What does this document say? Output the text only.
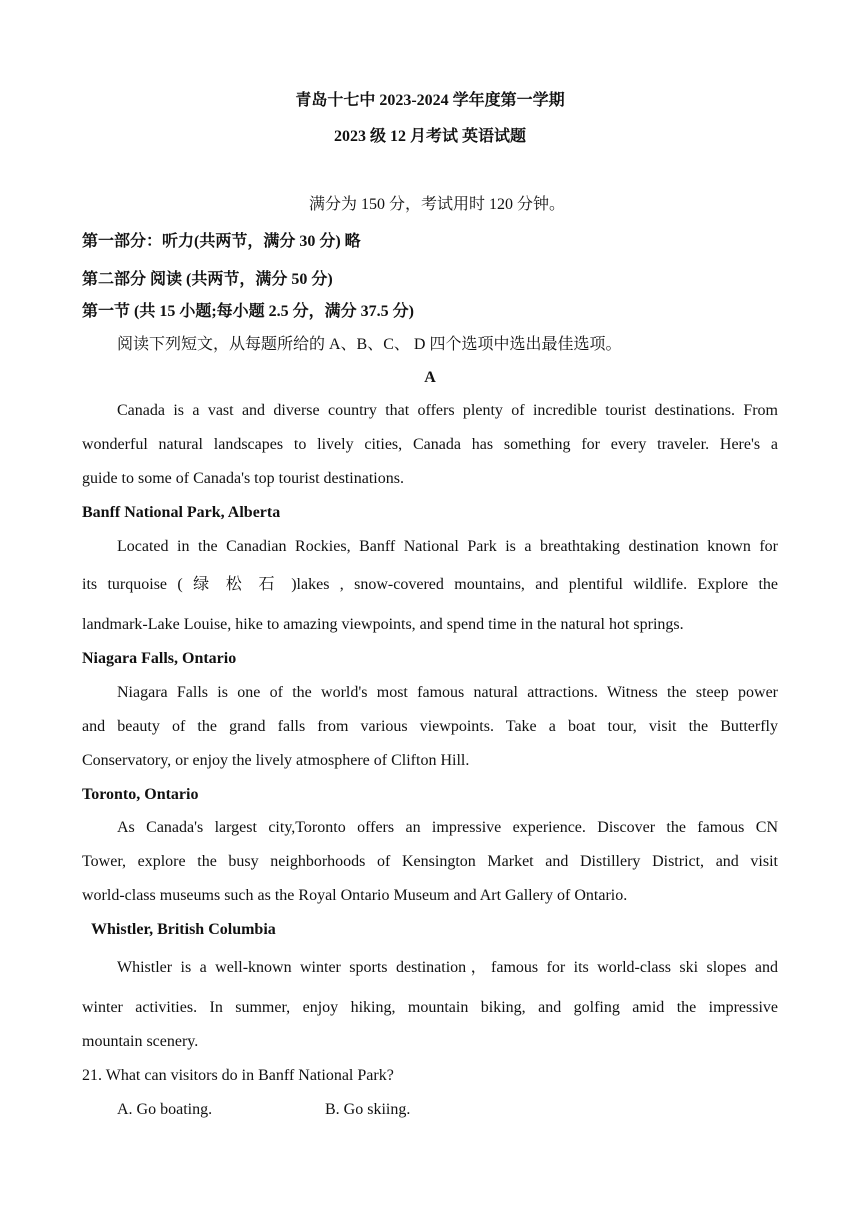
青岛十七中 2023-2024 学年度第一学期
2023 级 12 月考试 英语试题
满分为 150 分，考试用时 120 分钟。
第一部分：听力(共两节，满分 30 分) 略
第二部分 阅读 (共两节，满分 50 分)
第一节 (共 15 小题;每小题 2.5 分，满分 37.5 分)
阅读下列短文，从每题所给的 A、B、C、 D 四个选项中选出最佳选项。
A
Canada is a vast and diverse country that offers plenty of incredible tourist destinations. From
wonderful natural landscapes to lively cities, Canada has something for every traveler. Here's a
guide to some of Canada's top tourist destinations.
Banff National Park, Alberta
Located in the Canadian Rockies, Banff National Park is a breathtaking destination known for
its turquoise ( 绿 松 石 )lakes , snow-covered mountains, and plentiful wildlife. Explore the
landmark-Lake Louise, hike to amazing viewpoints, and spend time in the natural hot springs.
Niagara Falls, Ontario
Niagara Falls is one of the world's most famous natural attractions. Witness the steep power
and beauty of the grand falls from various viewpoints. Take a boat tour, visit the Butterfly
Conservatory, or enjoy the lively atmosphere of Clifton Hill.
Toronto, Ontario
As Canada's largest city,Toronto offers an impressive experience. Discover the famous CN
Tower, explore the busy neighborhoods of Kensington Market and Distillery District, and visit
world-class museums such as the Royal Ontario Museum and Art Gallery of Ontario.
Whistler, British Columbia
Whistler is a well-known winter sports destination，famous for its world-class ski slopes and
winter activities. In summer, enjoy hiking, mountain biking, and golfing amid the impressive
mountain scenery.
21. What can visitors do in Banff National Park?
A. Go boating.	B. Go skiing.
